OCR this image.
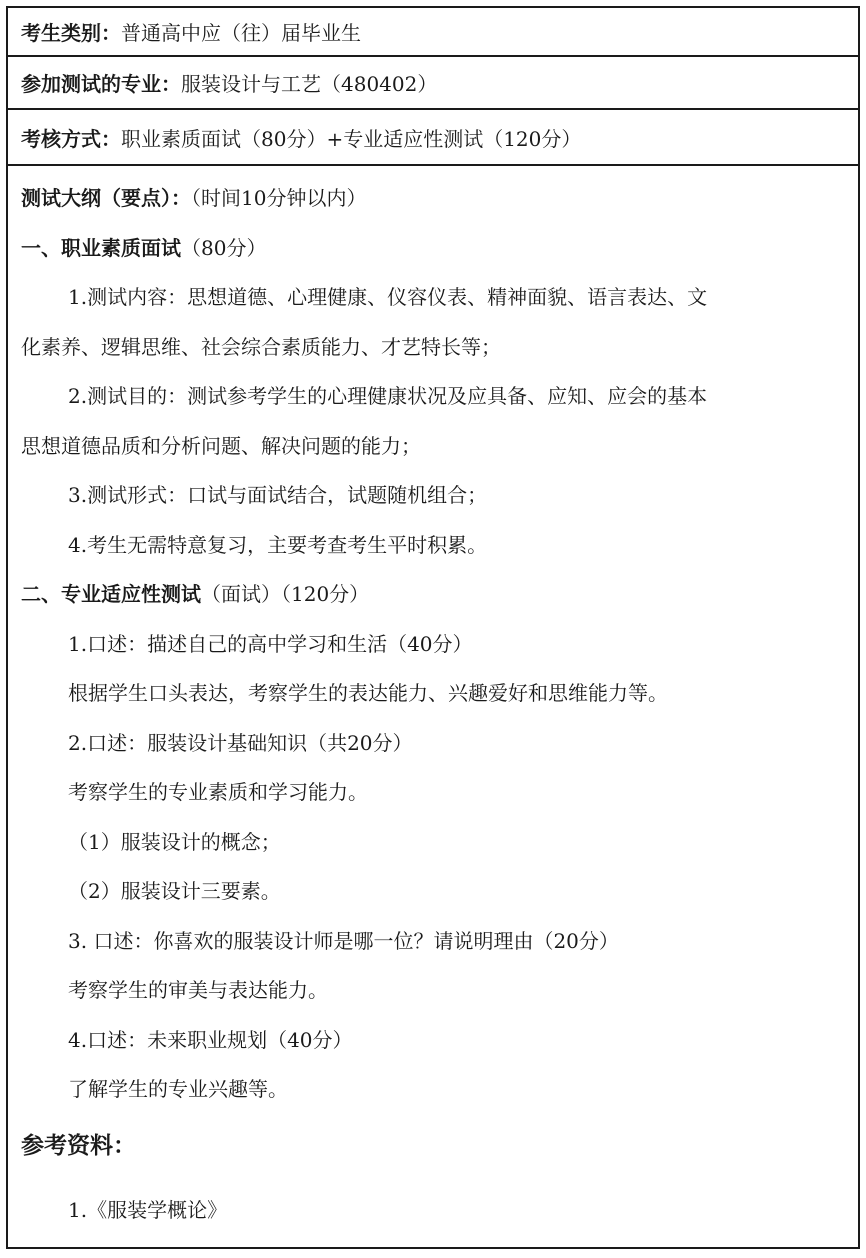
考生类别： 普通高中应（往）届毕业生
参加测试的专业： 服装设计与工艺（480402）
考核方式： 职业素质面试（80分）+专业适应性测试（120分）
测试大纲（要点）：（时间10分钟以内）
一、职业素质面试（80分）
1.测试内容：思想道德、心理健康、仪容仪表、精神面貌、语言表达、文
化素养、逻辑思维、社会综合素质能力、才艺特长等；
2.测试目的：测试参考学生的心理健康状况及应具备、应知、应会的基本
思想道德品质和分析问题、解决问题的能力；
3.测试形式：口试与面试结合，试题随机组合；
4.考生无需特意复习，主要考查考生平时积累。
二、专业适应性测试（面试）（120分）
1.口述：描述自己的高中学习和生活（40分）
根据学生口头表达，考察学生的表达能力、兴趣爱好和思维能力等。
2.口述：服装设计基础知识（共20分）
考察学生的专业素质和学习能力。
（1）服装设计的概念；
（2）服装设计三要素。
3. 口述：你喜欢的服装设计师是哪一位？请说明理由（20分）
考察学生的审美与表达能力。
4.口述：未来职业规划（40分）
了解学生的专业兴趣等。
参考资料：
1.《服装学概论》
